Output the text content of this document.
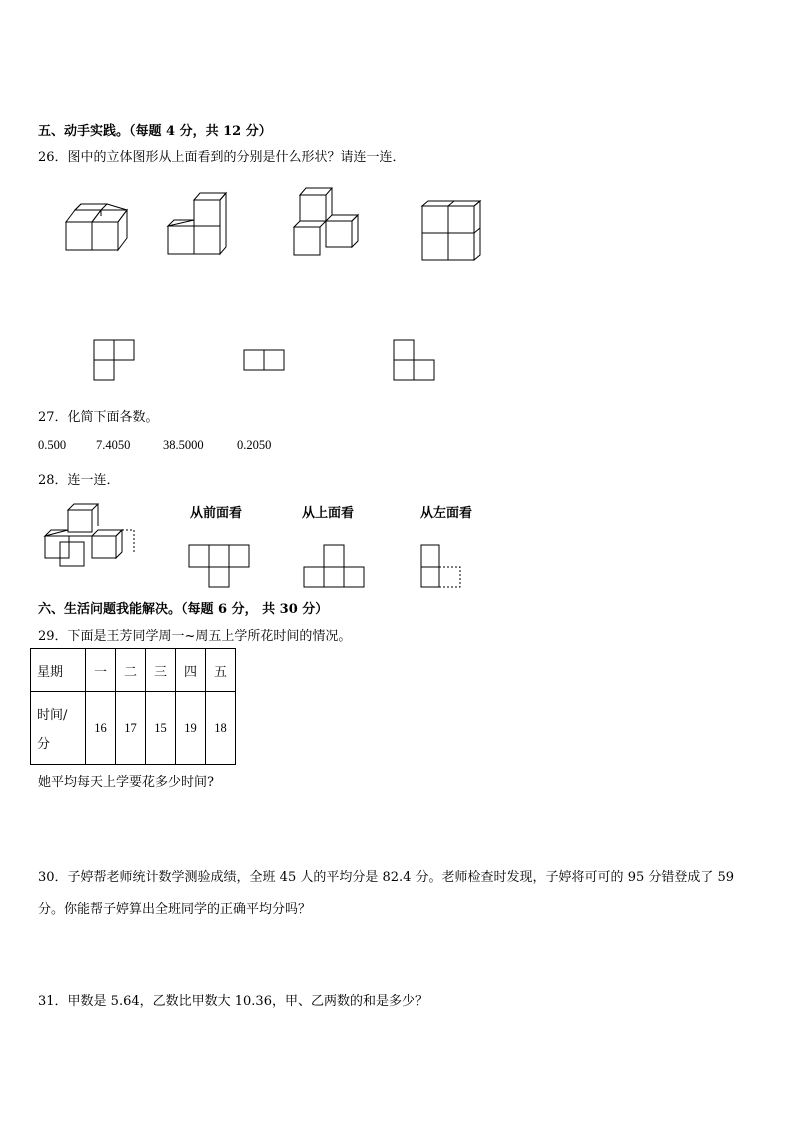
五、动手实践。（每题 4 分，共 12 分）
26．图中的立体图形从上面看到的分别是什么形状？请连一连．
27．化简下面各数。
0.500 7.4050	38.5000	0.2050
28．连一连．
从前面看	从上面看	从左面看
六、生活问题我能解决。（每题 6 分， 共 30 分）
29．下面是王芳同学周一~周五上学所花时间的情况。
星期	一	二	三	四	五

时间/
分	16	17	15	19	18
她平均每天上学要花多少时间?
30．子婷帮老师统计数学测验成绩，全班 45 人的平均分是 82.4 分。老师检查时发现，子婷将可可的 95 分错登成了 59
分。你能帮子婷算出全班同学的正确平均分吗？
31．甲数是 5.64，乙数比甲数大 10.36，甲、乙两数的和是多少？
